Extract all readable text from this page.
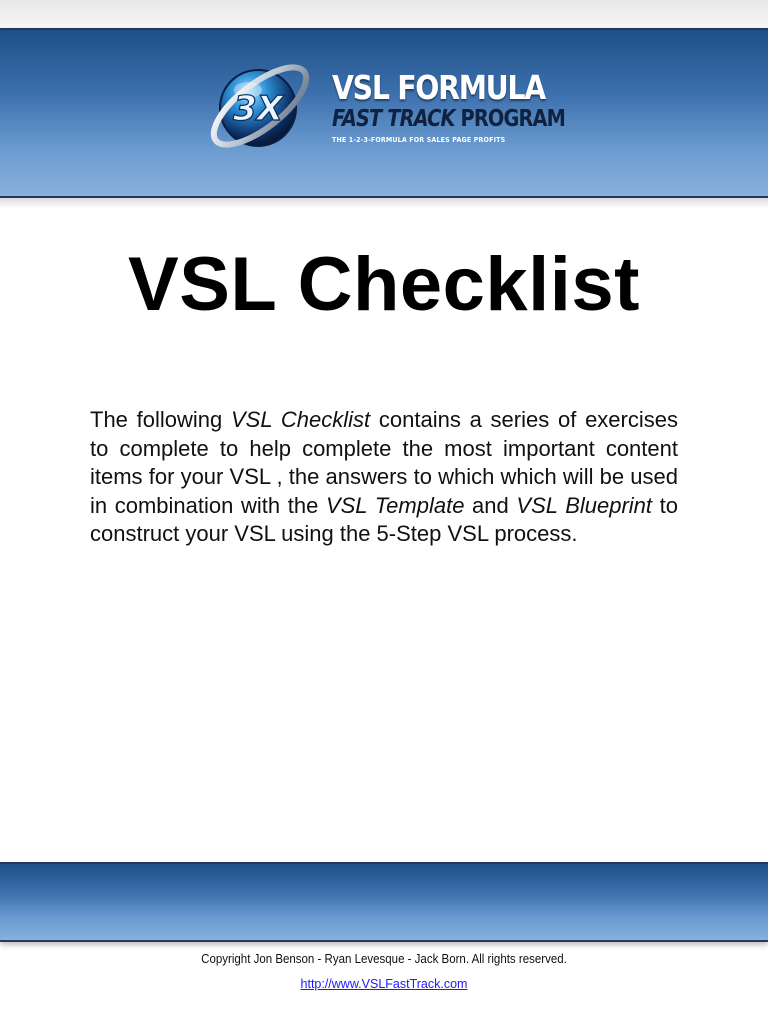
3X
VSL FORMULA
FAST TRACK PROGRAM
THE 1-2-3-FORMULA FOR SALES PAGE PROFITS
VSL Checklist

The following VSL Checklist contains a series of exercises to complete to help complete the most important content items for your VSL , the answers to which which will be used in combination with the VSL Template and VSL Blueprint to construct your VSL using the 5-Step VSL process.

Copyright Jon Benson - Ryan Levesque - Jack Born. All rights reserved.
http://www.VSLFastTrack.com
